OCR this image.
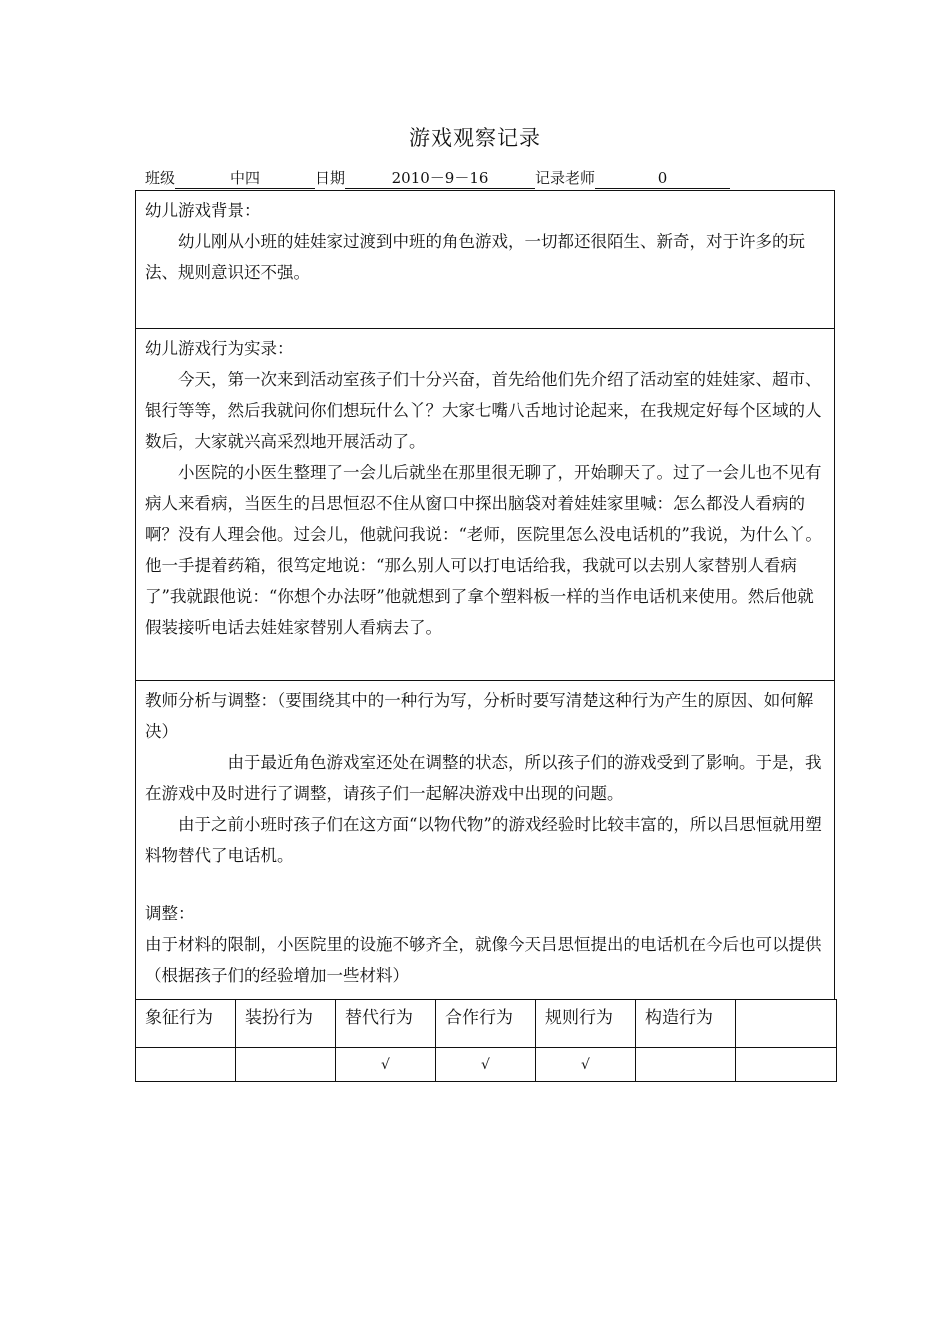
游戏观察记录
班级	中四	日期	2010－9－16	记录老师	0

幼儿游戏背景：

幼儿刚从小班的娃娃家过渡到中班的角色游戏，一切都还很陌生、新奇，对于许多的玩法、规则意识还不强。

幼儿游戏行为实录：

今天，第一次来到活动室孩子们十分兴奋，首先给他们先介绍了活动室的娃娃家、超市、银行等等，然后我就问你们想玩什么丫？大家七嘴八舌地讨论起来，在我规定好每个区域的人数后，大家就兴高采烈地开展活动了。

小医院的小医生整理了一会儿后就坐在那里很无聊了，开始聊天了。过了一会儿也不见有病人来看病，当医生的吕思恒忍不住从窗口中探出脑袋对着娃娃家里喊：怎么都没人看病的啊？没有人理会他。过会儿，他就问我说：“老师，医院里怎么没电话机的”我说，为什么丫。他一手提着药箱，很笃定地说：“那么别人可以打电话给我，我就可以去别人家替别人看病了”我就跟他说：“你想个办法呀”他就想到了拿个塑料板一样的当作电话机来使用。然后他就假装接听电话去娃娃家替别人看病去了。

教师分析与调整：（要围绕其中的一种行为写，分析时要写清楚这种行为产生的原因、如何解决）

由于最近角色游戏室还处在调整的状态，所以孩子们的游戏受到了影响。于是，我在游戏中及时进行了调整，请孩子们一起解决游戏中出现的问题。

由于之前小班时孩子们在这方面“以物代物”的游戏经验时比较丰富的，所以吕思恒就用塑料物替代了电话机。

调整：

由于材料的限制，小医院里的设施不够齐全，就像今天吕思恒提出的电话机在今后也可以提供（根据孩子们的经验增加一些材料）

象征行为	装扮行为	替代行为	合作行为	规则行为	构造行为	
		√	√	√		
